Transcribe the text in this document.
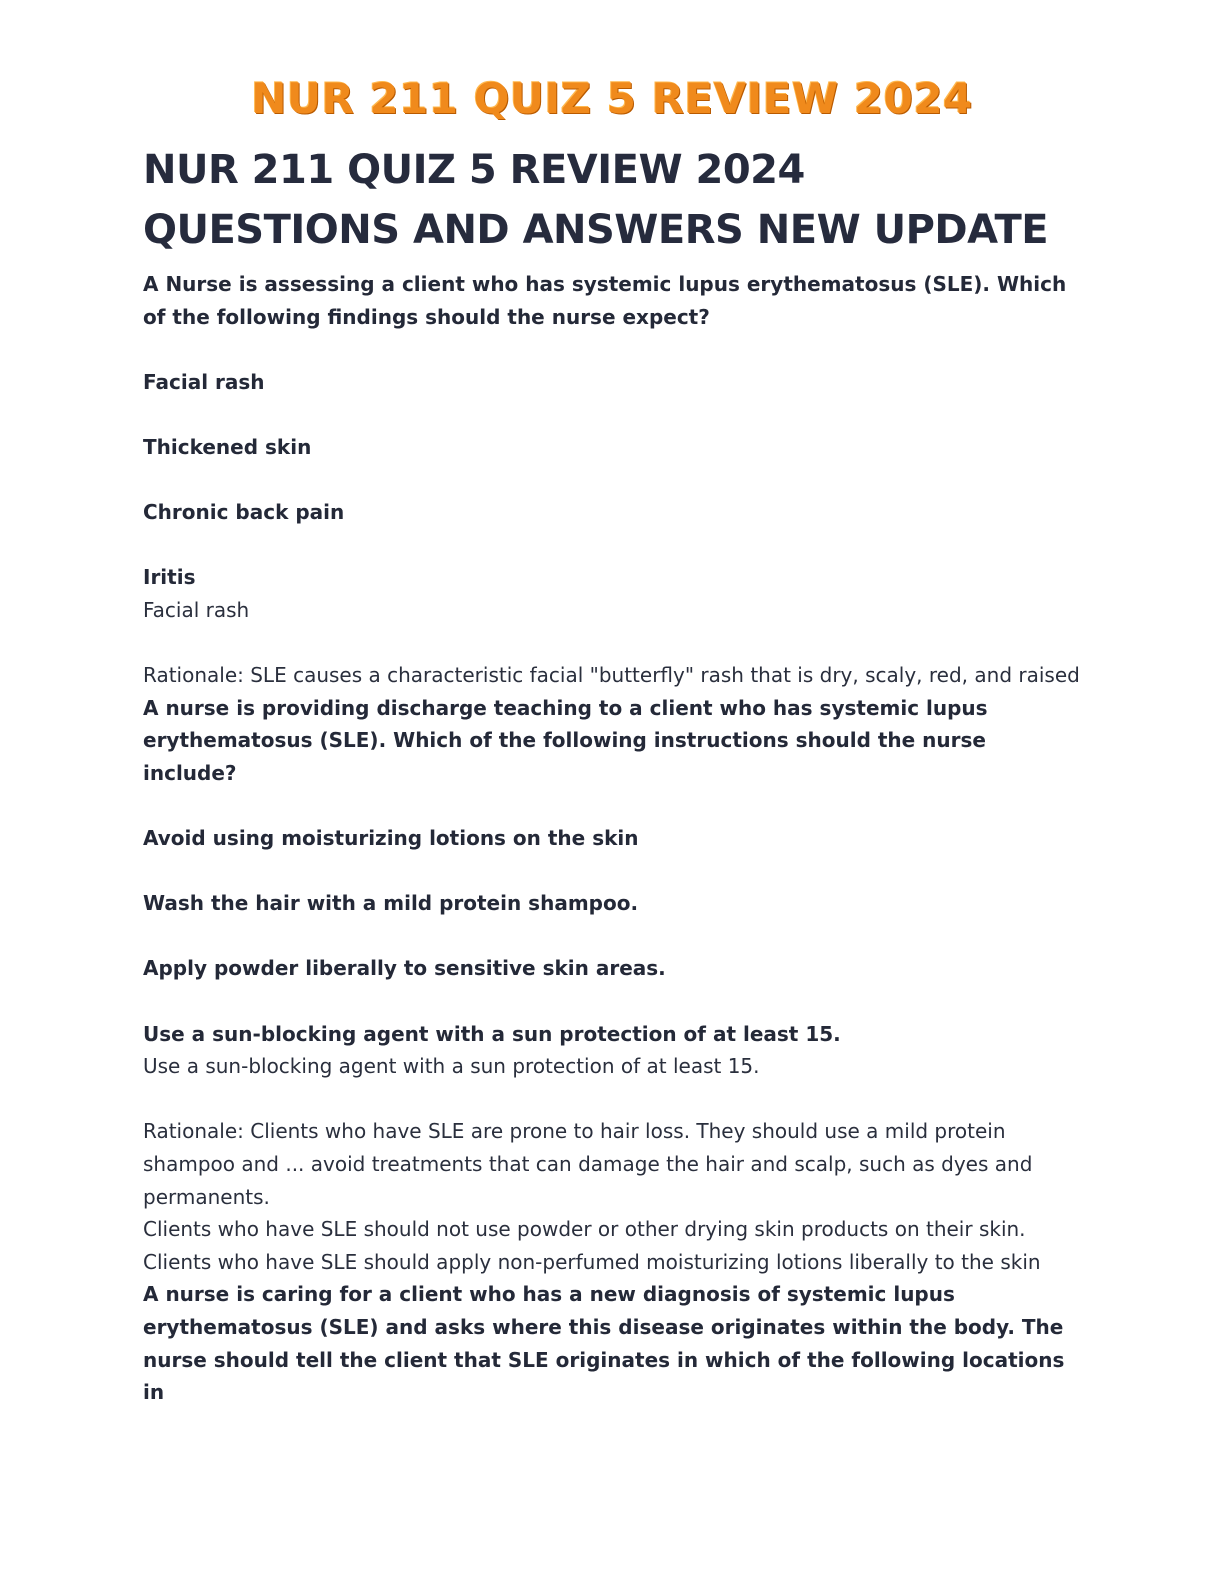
NUR 211 QUIZ 5 REVIEW 2024
NUR 211 QUIZ 5 REVIEW 2024
QUESTIONS AND ANSWERS NEW UPDATE

A Nurse is assessing a client who has systemic lupus erythematosus (SLE). Which of the following findings should the nurse expect?

Facial rash

Thickened skin

Chronic back pain

Iritis

Facial rash

Rationale: SLE causes a characteristic facial "butterfly" rash that is dry, scaly, red, and raised

A nurse is providing discharge teaching to a client who has systemic lupus erythematosus (SLE). Which of the following instructions should the nurse include?

Avoid using moisturizing lotions on the skin

Wash the hair with a mild protein shampoo.

Apply powder liberally to sensitive skin areas.

Use a sun-blocking agent with a sun protection of at least 15.

Use a sun-blocking agent with a sun protection of at least 15.

Rationale: Clients who have SLE are prone to hair loss. They should use a mild protein shampoo and ... avoid treatments that can damage the hair and scalp, such as dyes and permanents.

Clients who have SLE should not use powder or other drying skin products on their skin. Clients who have SLE should apply non-perfumed moisturizing lotions liberally to the skin

A nurse is caring for a client who has a new diagnosis of systemic lupus erythematosus (SLE) and asks where this disease originates within the body. The nurse should tell the client that SLE originates in which of the following locations in
